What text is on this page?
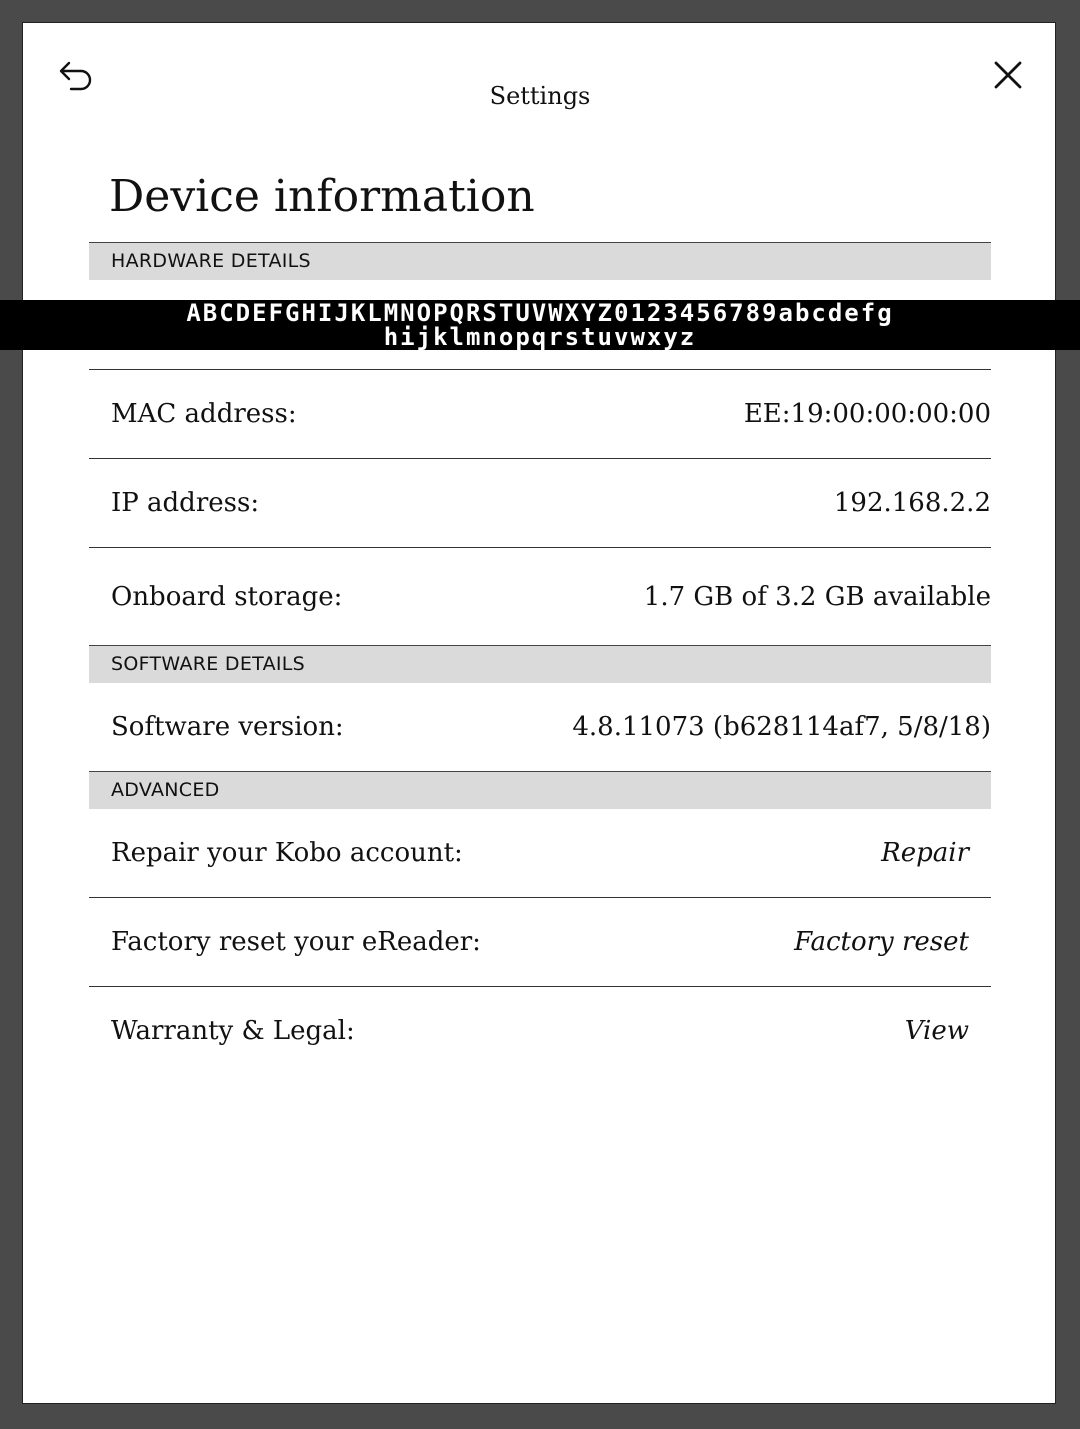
Settings
Device information
HARDWARE DETAILS
MAC address:	EE:19:00:00:00:00
IP address:	192.168.2.2
Onboard storage:	1.7 GB of 3.2 GB available
SOFTWARE DETAILS
Software version:	4.8.11073 (b628114af7, 5/8/18)
ADVANCED
Repair your Kobo account:	Repair
Factory reset your eReader:	Factory reset
Warranty & Legal:	View
ABCDEFGHIJKLMNOPQRSTUVWXYZ0123456789abcdefg
hijklmnopqrstuvwxyz
